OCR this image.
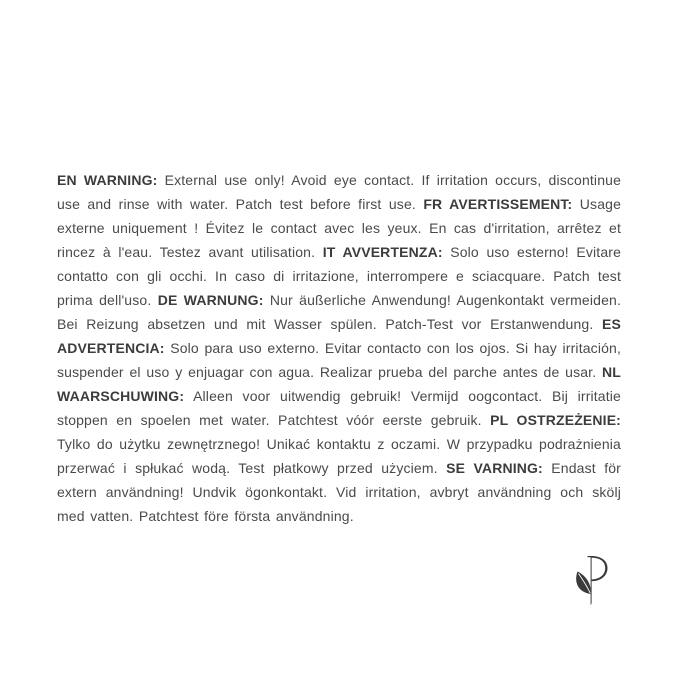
EN WARNING: External use only! Avoid eye contact. If irritation occurs, discontinue use and rinse with water. Patch test before first use. FR AVERTISSEMENT: Usage externe uniquement ! Évitez le contact avec les yeux. En cas d'irritation, arrêtez et rincez à l'eau. Testez avant utilisation. IT AVVERTENZA: Solo uso esterno! Evitare contatto con gli occhi. In caso di irritazione, interrompere e sciacquare. Patch test prima dell'uso. DE WARNUNG: Nur äußerliche Anwendung! Augenkontakt vermeiden. Bei Reizung absetzen und mit Wasser spülen. Patch-Test vor Erstanwendung. ES ADVERTENCIA: Solo para uso externo. Evitar contacto con los ojos. Si hay irritación, suspender el uso y enjuagar con agua. Realizar prueba del parche antes de usar. NL WAARSCHUWING: Alleen voor uitwendig gebruik! Vermijd oogcontact. Bij irritatie stoppen en spoelen met water. Patchtest vóór eerste gebruik. PL OSTRZEŻENIE: Tylko do użytku zewnętrznego! Unikać kontaktu z oczami. W przypadku podrażnienia przerwać i spłukać wodą. Test płatkowy przed użyciem. SE VARNING: Endast för extern användning! Undvik ögonkontakt. Vid irritation, avbryt användning och skölj med vatten. Patchtest före första användning.
